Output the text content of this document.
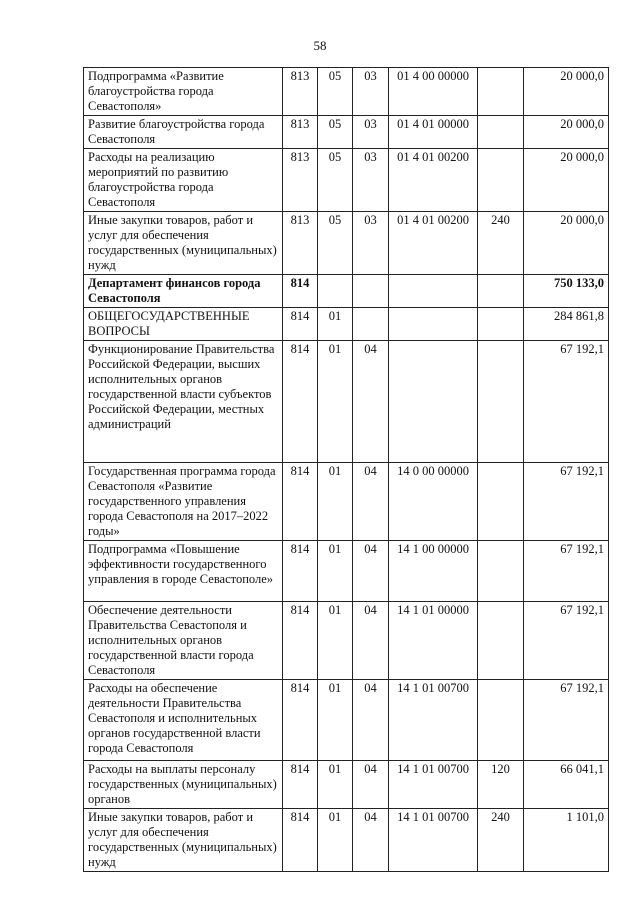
58
Подпрограмма «Развитие благоустройства города Севастополя»	813	05	03	01 4 00 00000		20 000,0
Развитие благоустройства города Севастополя	813	05	03	01 4 01 00000		20 000,0
Расходы на реализацию мероприятий по развитию благоустройства города Севастополя	813	05	03	01 4 01 00200		20 000,0
Иные закупки товаров, работ и услуг для обеспечения государственных (муниципальных) нужд	813	05	03	01 4 01 00200	240	20 000,0
Департамент финансов города Севастополя	814					750 133,0
ОБЩЕГОСУДАРСТВЕННЫЕ ВОПРОСЫ	814	01				284 861,8
Функционирование Правительства Российской Федерации, высших исполнительных органов государственной власти субъектов Российской Федерации, местных администраций	814	01	04			67 192,1
Государственная программа города Севастополя «Развитие государственного управления города Севастополя на 2017–2022 годы»	814	01	04	14 0 00 00000		67 192,1
Подпрограмма «Повышение эффективности государственного управления в городе Севастополе»	814	01	04	14 1 00 00000		67 192,1
Обеспечение деятельности Правительства Севастополя и исполнительных органов государственной власти города Севастополя	814	01	04	14 1 01 00000		67 192,1
Расходы на обеспечение деятельности Правительства Севастополя и исполнительных органов государственной власти города Севастополя	814	01	04	14 1 01 00700		67 192,1
Расходы на выплаты персоналу государственных (муниципальных) органов	814	01	04	14 1 01 00700	120	66 041,1
Иные закупки товаров, работ и услуг для обеспечения государственных (муниципальных) нужд	814	01	04	14 1 01 00700	240	1 101,0
